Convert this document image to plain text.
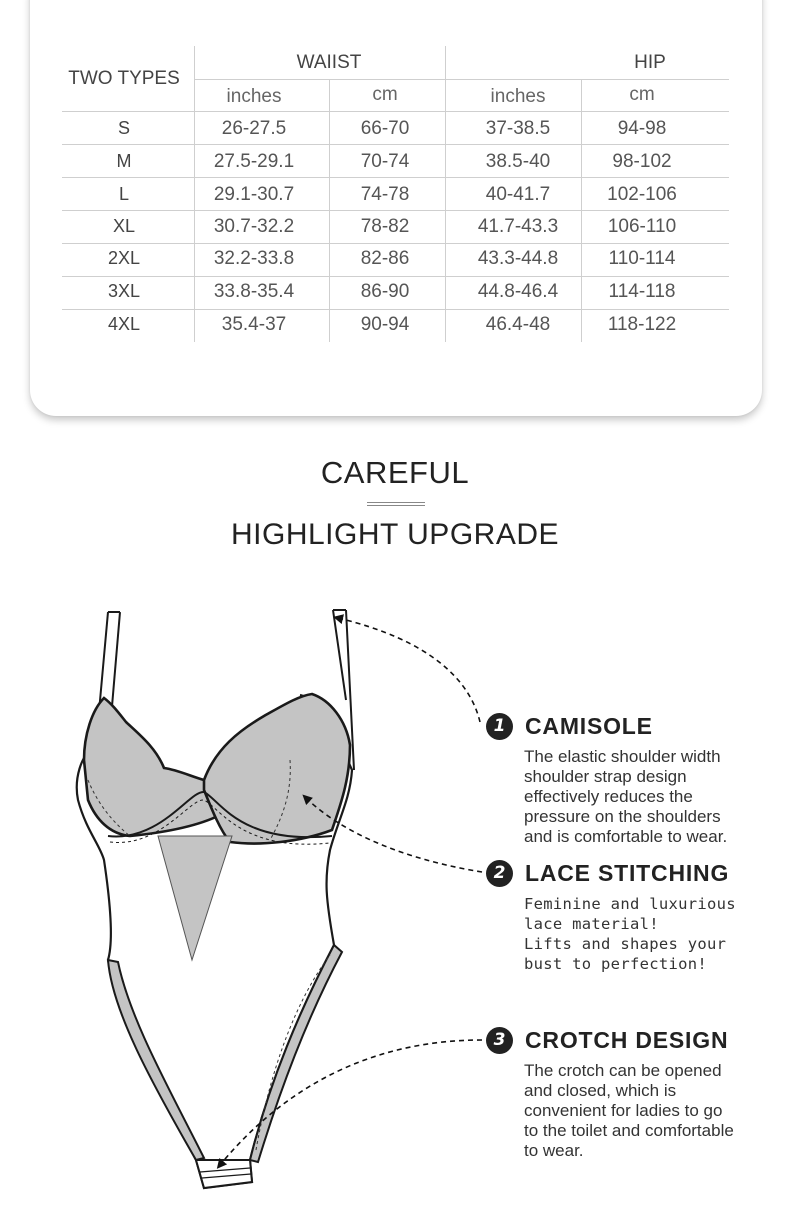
TWO TYPES
WAIIST	HIP
inches	cm	inches	cm
S	26-27.5	66-70	37-38.5	94-98
M	27.5-29.1	70-74	38.5-40	98-102
L	29.1-30.7	74-78	40-41.7	102-106
XL	30.7-32.2	78-82	41.7-43.3	106-110
2XL	32.2-33.8	82-86	43.3-44.8	110-114
3XL	33.8-35.4	86-90	44.8-46.4	114-118
4XL	35.4-37	90-94	46.4-48	118-122
CAREFUL
HIGHLIGHT UPGRADE
1 CAMISOLE
The elastic shoulder width
shoulder strap design
effectively reduces the
pressure on the shoulders
and is comfortable to wear.
2 LACE STITCHING
Feminine and luxurious
lace material!
Lifts and shapes your
bust to perfection!
3 CROTCH DESIGN
The crotch can be opened
and closed, which is
convenient for ladies to go
to the toilet and comfortable
to wear.
